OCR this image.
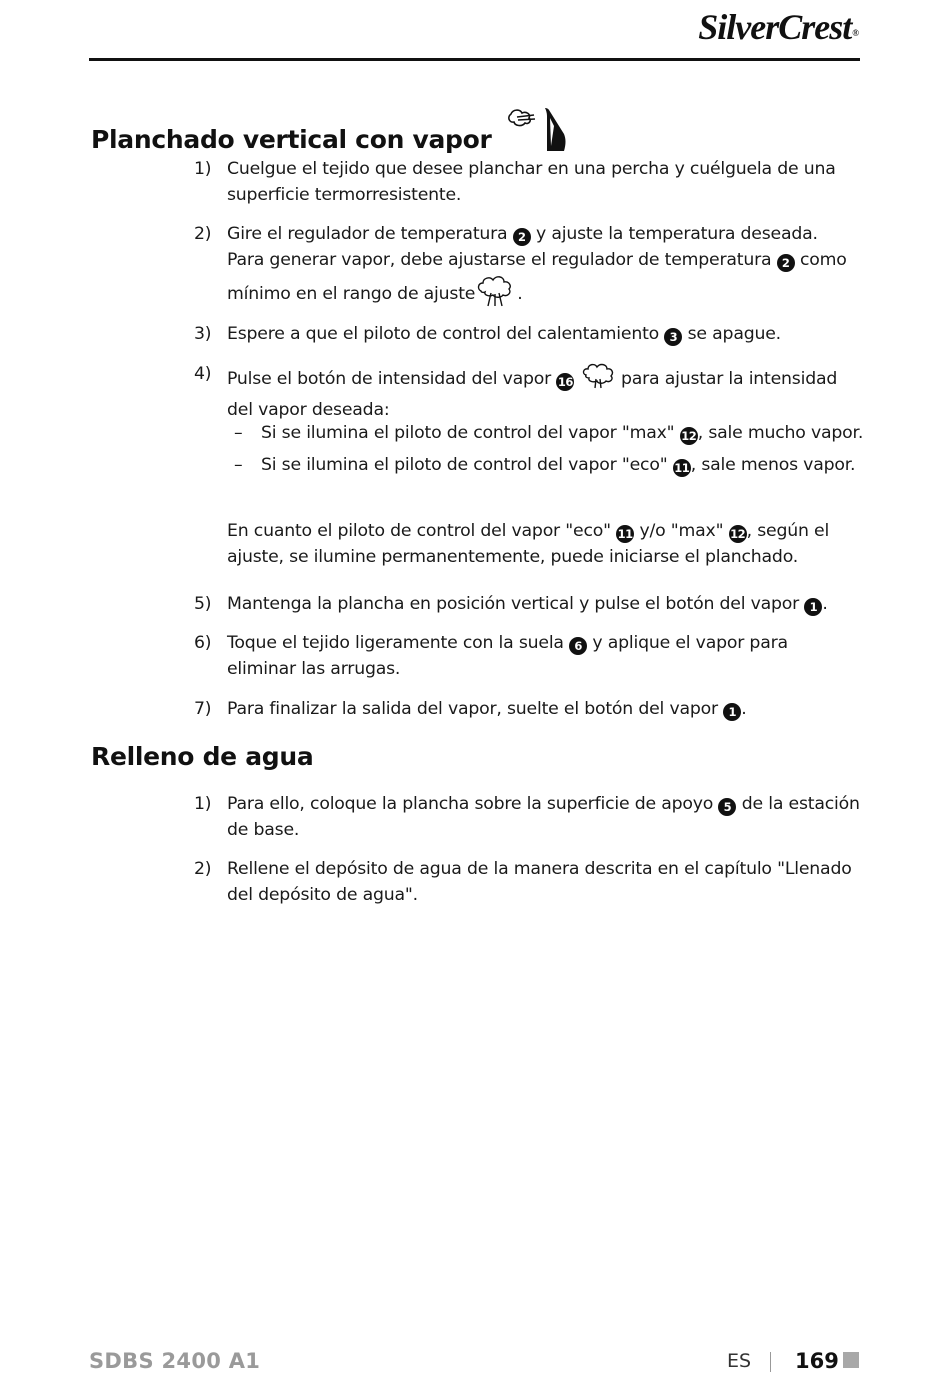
SilverCrest®
Planchado vertical con vapor
1) Cuelgue el tejido que desee planchar en una percha y cuélguela de una superficie termorresistente.
2) Gire el regulador de temperatura 2 y ajuste la temperatura deseada. Para generar vapor, debe ajustarse el regulador de temperatura 2 como mínimo en el rango de ajuste .
3) Espere a que el piloto de control del calentamiento 3 se apague.
4) Pulse el botón de intensidad del vapor 16	para ajustar la intensidad del vapor deseada:
– Si se ilumina el piloto de control del vapor "max" 12, sale mucho vapor.
– Si se ilumina el piloto de control del vapor "eco" 11, sale menos vapor.
En cuanto el piloto de control del vapor "eco" 11 y/o "max" 12, según el ajuste, se ilumine permanentemente, puede iniciarse el planchado.
5) Mantenga la plancha en posición vertical y pulse el botón del vapor 1 .
6) Toque el tejido ligeramente con la suela 6 y aplique el vapor para eliminar las arrugas.
7) Para finalizar la salida del vapor, suelte el botón del vapor 1 .
Relleno de agua
1) Para ello, coloque la plancha sobre la superficie de apoyo 5 de la estación de base.
2) Rellene el depósito de agua de la manera descrita en el capítulo "Llenado del depósito de agua".
SDBS 2400 A1	ES 169
